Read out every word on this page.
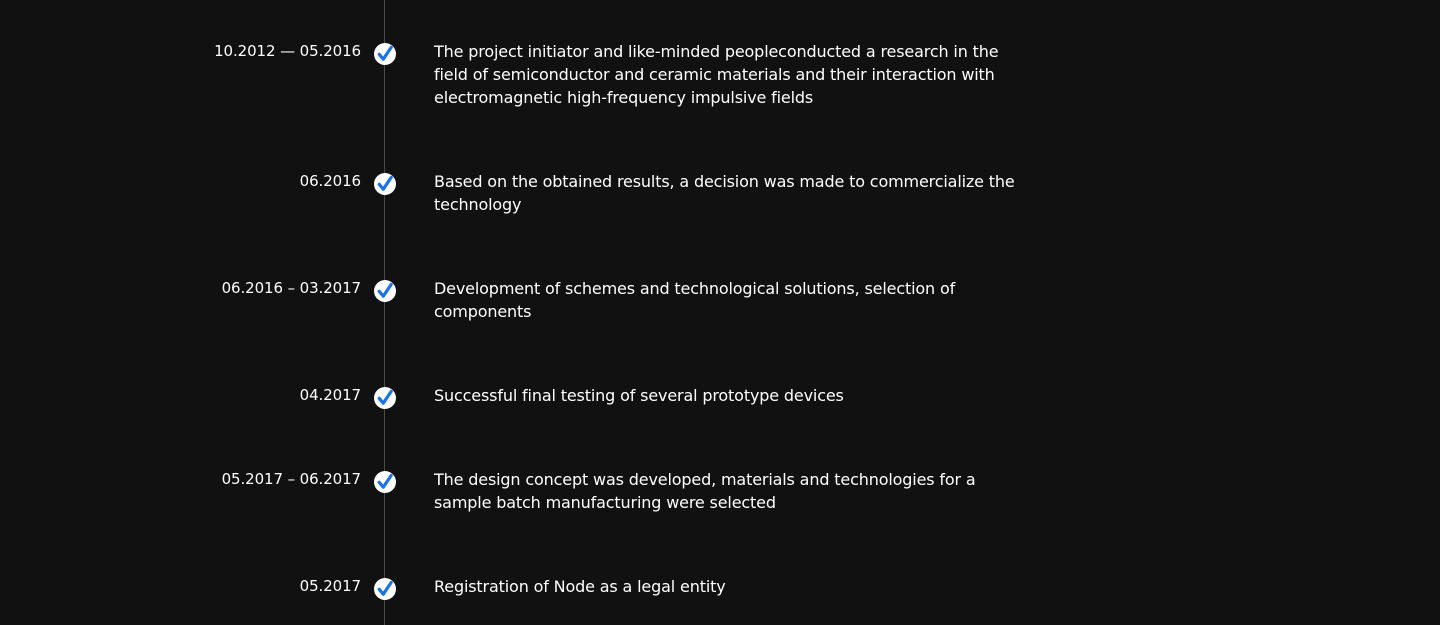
10.2012 — 05.2016	The project initiator and like-minded peopleconducted a research in the field of semiconductor and ceramic materials and their interaction with electromagnetic high-frequency impulsive fields
06.2016	Based on the obtained results, a decision was made to commercialize the technology
06.2016 – 03.2017	Development of schemes and technological solutions, selection of components
04.2017	Successful final testing of several prototype devices
05.2017 – 06.2017	The design concept was developed, materials and technologies for a sample batch manufacturing were selected
05.2017	Registration of Node as a legal entity
